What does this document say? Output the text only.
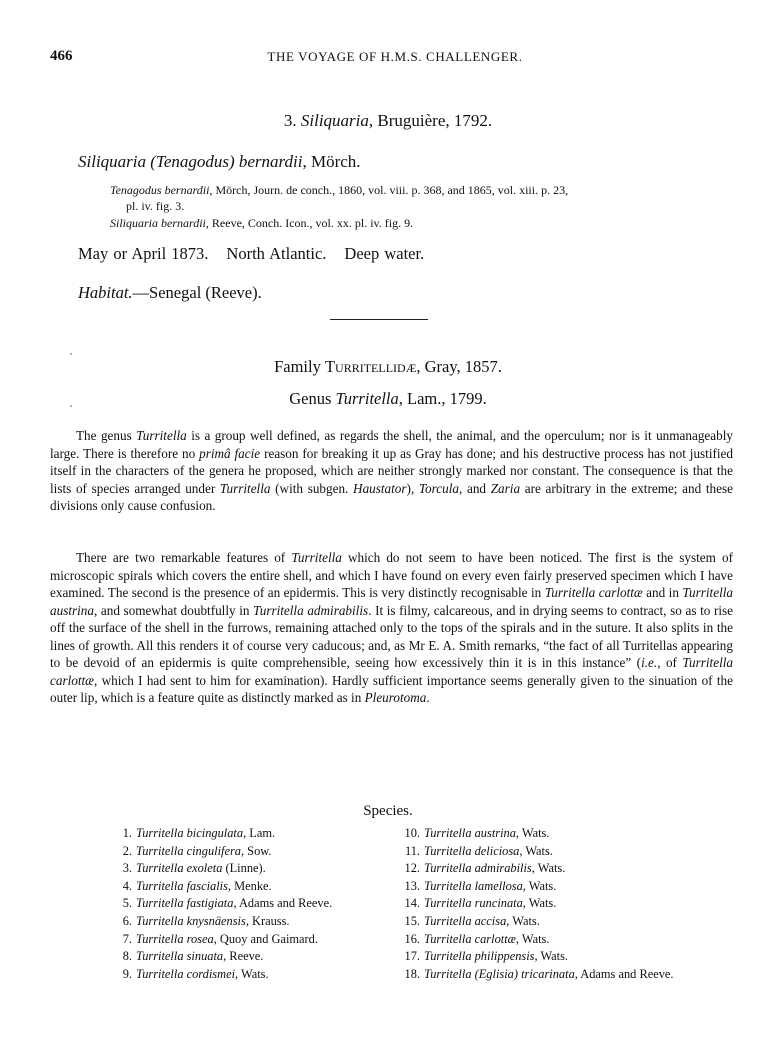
466	THE VOYAGE OF H.M.S. CHALLENGER.
3. Siliquaria, Bruguière, 1792.
Siliquaria (Tenagodus) bernardii, Mörch.
Tenagodus bernardii, Mörch, Journ. de conch., 1860, vol. viii. p. 368, and 1865, vol. xiii. p. 23,
pl. iv. fig. 3.
Siliquaria bernardii, Reeve, Conch. Icon., vol. xx. pl. iv. fig. 9.
May or April 1873. North Atlantic. Deep water.
Habitat.—Senegal (Reeve).
Family Turritellidæ, Gray, 1857.
Genus Turritella, Lam., 1799.

The genus Turritella is a group well defined, as regards the shell, the animal, and the operculum; nor is it unmanageably large. There is therefore no primâ facie reason for breaking it up as Gray has done; and his destructive process has not justified itself in the characters of the genera he proposed, which are neither strongly marked nor constant. The consequence is that the lists of species arranged under Turritella (with subgen. Haustator), Torcula, and Zaria are arbitrary in the extreme; and these divisions only cause confusion.

There are two remarkable features of Turritella which do not seem to have been noticed. The first is the system of microscopic spirals which covers the entire shell, and which I have found on every even fairly preserved specimen which I have examined. The second is the presence of an epidermis. This is very distinctly recognisable in Turritella carlottæ and in Turritella austrina, and somewhat doubtfully in Turritella admirabilis. It is filmy, calcareous, and in drying seems to contract, so as to rise off the surface of the shell in the furrows, remaining attached only to the tops of the spirals and in the suture. It also splits in the lines of growth. All this renders it of course very caducous; and, as Mr E. A. Smith remarks, “the fact of all Turritellas appearing to be devoid of an epidermis is quite comprehensible, seeing how excessively thin it is in this instance” (i.e., of Turritella carlottæ, which I had sent to him for examination). Hardly sufficient importance seems generally given to the sinuation of the outer lip, which is a feature quite as distinctly marked as in Pleurotoma.

Species.
1. Turritella bicingulata, Lam.
2. Turritella cingulifera, Sow.
3. Turritella exoleta (Linne).
4. Turritella fascialis, Menke.
5. Turritella fastigiata, Adams and Reeve.
6. Turritella knysnäensis, Krauss.
7. Turritella rosea, Quoy and Gaimard.
8. Turritella sinuata, Reeve.
9. Turritella cordismei, Wats.
10. Turritella austrina, Wats.
11. Turritella deliciosa, Wats.
12. Turritella admirabilis, Wats.
13. Turritella lamellosa, Wats.
14. Turritella runcinata, Wats.
15. Turritella accisa, Wats.
16. Turritella carlottæ, Wats.
17. Turritella philippensis, Wats.
18. Turritella (Eglisia) tricarinata, Adams and Reeve.
